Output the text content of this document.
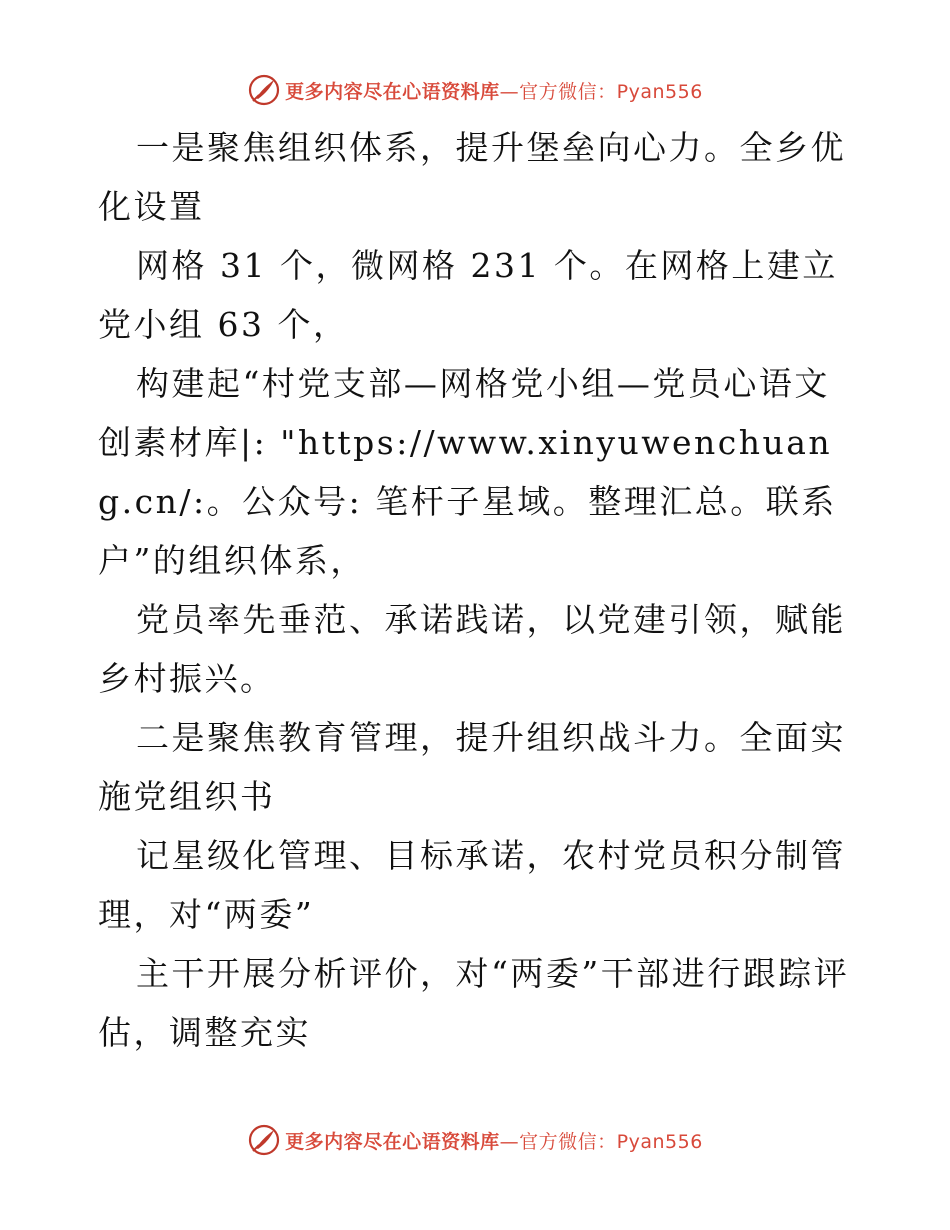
更多内容尽在心语资料库—官方微信：Pyan556

一是聚焦组织体系，提升堡垒向心力。全乡优化设置

网格 31 个，微网格 231 个。在网格上建立党小组 63 个，

构建起“村党支部—网格党小组—党员心语文创素材库|: "https://www.xinyuwenchuang.cn/:。公众号: 笔杆子星域。整理汇总。联系户”的组织体系，

党员率先垂范、承诺践诺，以党建引领，赋能乡村振兴。

二是聚焦教育管理，提升组织战斗力。全面实施党组织书

记星级化管理、目标承诺，农村党员积分制管理，对“两委”

主干开展分析评价，对“两委”干部进行跟踪评估，调整充实

更多内容尽在心语资料库—官方微信：Pyan556
